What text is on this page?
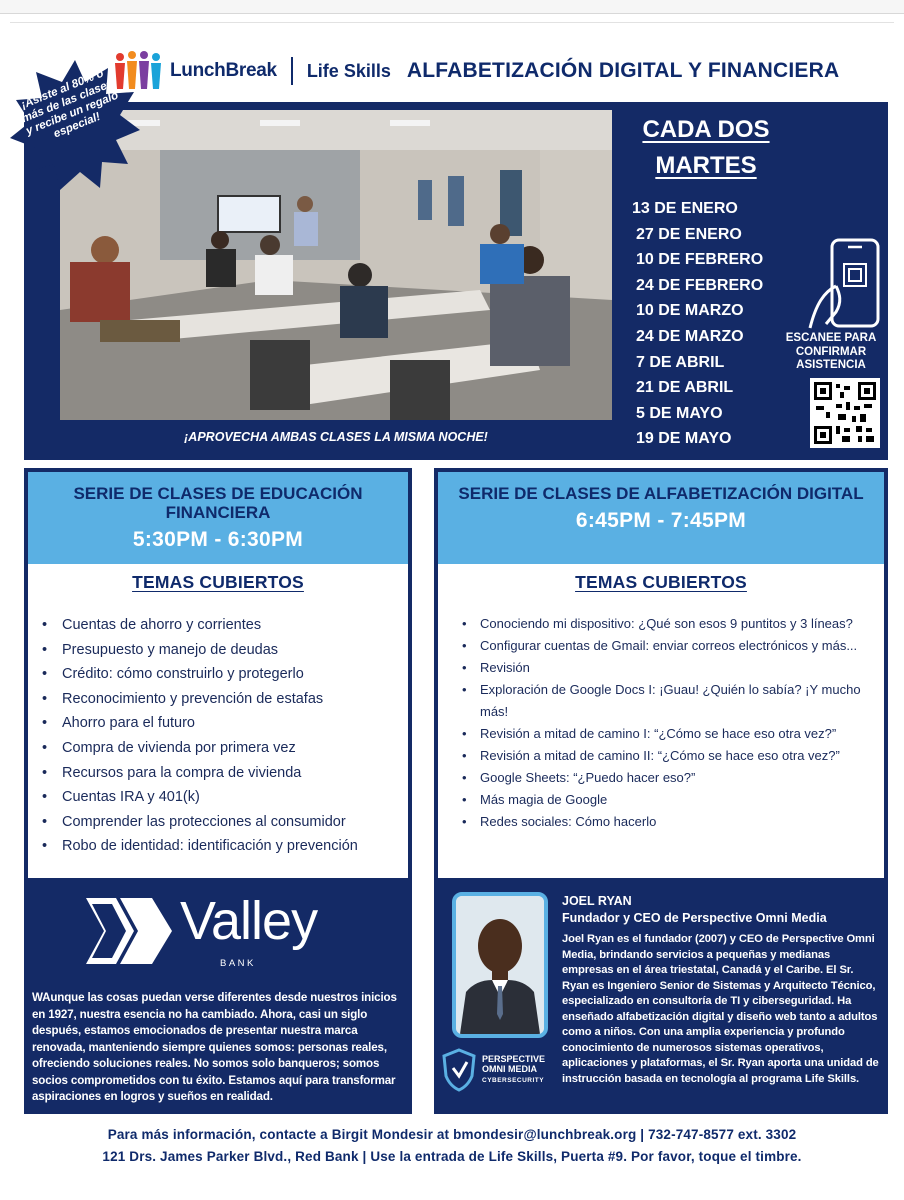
LunchBreak Life Skills ALFABETIZACIÓN DIGITAL Y FINANCIERA
¡APROVECHA AMBAS CLASES LA MISMA NOCHE!
CADA DOS
MARTES
13 DE ENERO
27 DE ENERO
10 DE FEBRERO
24 DE FEBRERO
10 DE MARZO
24 DE MARZO
7 DE ABRIL
21 DE ABRIL
5 DE MAYO
19 DE MAYO
ESCANEE PARA CONFIRMAR ASISTENCIA
¡Asiste al 80% o más de las clases y recibe un regalo especial!
SERIE DE CLASES DE EDUCACIÓN FINANCIERA
5:30PM - 6:30PM
TEMAS CUBIERTOS
• Cuentas de ahorro y corrientes
• Presupuesto y manejo de deudas
• Crédito: cómo construirlo y protegerlo
• Reconocimiento y prevención de estafas
• Ahorro para el futuro
• Compra de vivienda por primera vez
• Recursos para la compra de vivienda
• Cuentas IRA y 401(k)
• Comprender las protecciones al consumidor
• Robo de identidad: identificación y prevención
SERIE DE CLASES DE ALFABETIZACIÓN DIGITAL
6:45PM - 7:45PM
TEMAS CUBIERTOS
• Conociendo mi dispositivo: ¿Qué son esos 9 puntitos y 3 líneas?
• Configurar cuentas de Gmail: enviar correos electrónicos y más...
• Revisión
• Exploración de Google Docs I: ¡Guau! ¿Quién lo sabía? ¡Y mucho más!
• Revisión a mitad de camino I: “¿Cómo se hace eso otra vez?”
• Revisión a mitad de camino II: “¿Cómo se hace eso otra vez?”
• Google Sheets: “¿Puedo hacer eso?”
• Más magia de Google
• Redes sociales: Cómo hacerlo
Valley
BANK
WAunque las cosas puedan verse diferentes desde nuestros inicios en 1927, nuestra esencia no ha cambiado. Ahora, casi un siglo después, estamos emocionados de presentar nuestra marca renovada, manteniendo siempre quienes somos: personas reales, ofreciendo soluciones reales. No somos solo banqueros; somos socios comprometidos con tu éxito. Estamos aquí para transformar aspiraciones en logros y sueños en realidad.
PERSPECTIVE
OMNI MEDIA
CYBERSECURITY
JOEL RYAN
Fundador y CEO de Perspective Omni Media
Joel Ryan es el fundador (2007) y CEO de Perspective Omni Media, brindando servicios a pequeñas y medianas empresas en el área triestatal, Canadá y el Caribe. El Sr. Ryan es Ingeniero Senior de Sistemas y Arquitecto Técnico, especializado en consultoría de TI y ciberseguridad. Ha enseñado alfabetización digital y diseño web tanto a adultos como a niños. Con una amplia experiencia y profundo conocimiento de numerosos sistemas operativos, aplicaciones y plataformas, el Sr. Ryan aporta una unidad de instrucción basada en tecnología al programa Life Skills.
Para más información, contacte a Birgit Mondesir at bmondesir@lunchbreak.org | 732-747-8577 ext. 3302
121 Drs. James Parker Blvd., Red Bank | Use la entrada de Life Skills, Puerta #9. Por favor, toque el timbre.
